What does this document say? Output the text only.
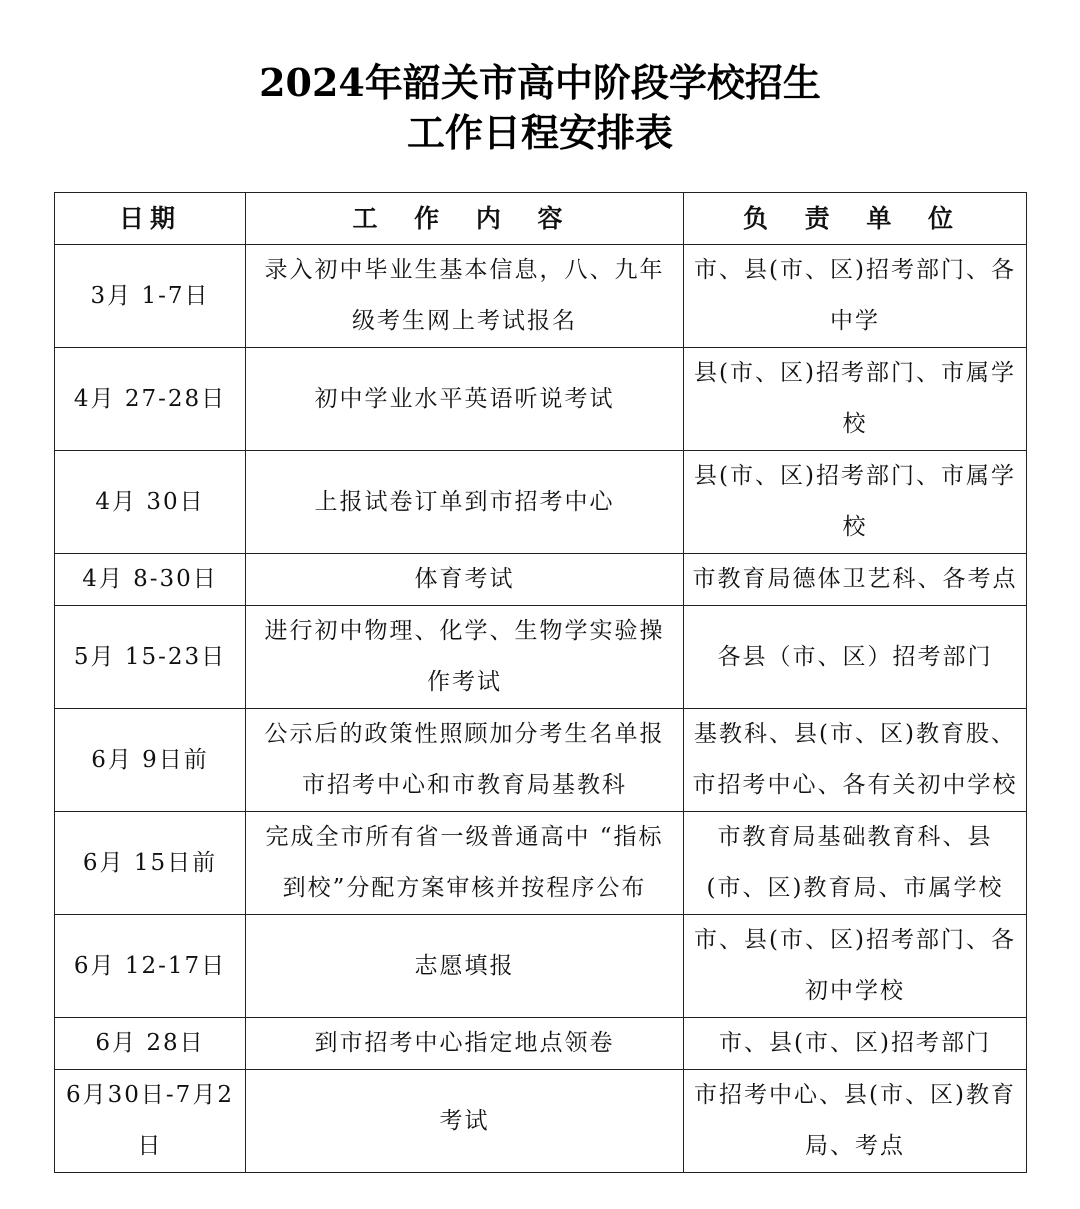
2024年韶关市高中阶段学校招生
工作日程安排表
日期	工 作 内 容	负 责 单 位
3月 1-7日	录入初中毕业生基本信息，八、九年级考生网上考试报名	市、县(市、区)招考部门、各中学
4月 27-28日	初中学业水平英语听说考试	县(市、区)招考部门、市属学校
4月 30日	上报试卷订单到市招考中心	县(市、区)招考部门、市属学校
4月 8-30日	体育考试	市教育局德体卫艺科、各考点
5月 15-23日	进行初中物理、化学、生物学实验操作考试	各县（市、区）招考部门
6月 9日前	公示后的政策性照顾加分考生名单报市招考中心和市教育局基教科	基教科、县(市、区)教育股、市招考中心、各有关初中学校
6月 15日前	完成全市所有省一级普通高中 “指标到校”分配方案审核并按程序公布	市教育局基础教育科、县(市、区)教育局、市属学校
6月 12-17日	志愿填报	市、县(市、区)招考部门、各初中学校
6月 28日	到市招考中心指定地点领卷	市、县(市、区)招考部门
6月30日-7月2日	考试	市招考中心、县(市、区)教育局、考点
